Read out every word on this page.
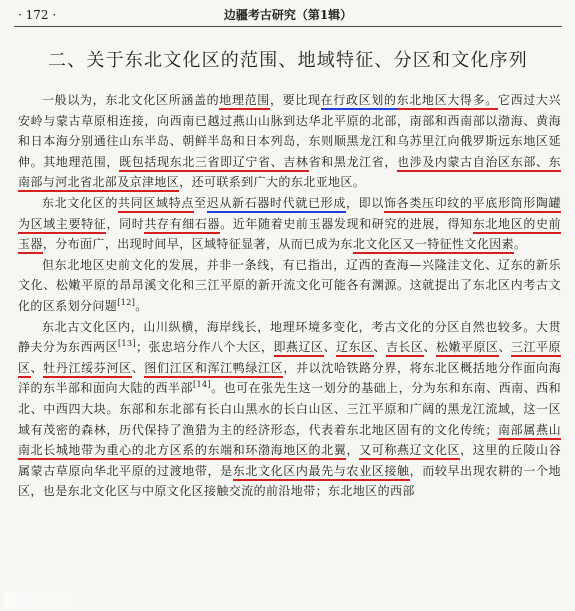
· 172 ·	边疆考古研究（第1辑）
二、关于东北文化区的范围、地域特征、分区和文化序列

一般以为，东北文化区所涵盖的地理范围，要比现在行政区划的东北地区大得多。它西过大兴安岭与蒙古草原相连接，向西南已越过燕山山脉到达华北平原的北部，南部和西南部以渤海、黄海和日本海分别通往山东半岛、朝鲜半岛和日本列岛，东则顺黑龙江和乌苏里江向俄罗斯远东地区延伸。其地理范围，既包括现东北三省即辽宁省、吉林省和黑龙江省，也涉及内蒙古自治区东部、东南部与河北省北部及京津地区，还可联系到广大的东北亚地区。

东北文化区的共同区域特点至迟从新石器时代就已形成，即以饰各类压印纹的平底形筒形陶罐为区域主要特征，同时共存有细石器。近年随着史前玉器发现和研究的进展，得知东北地区的史前玉器，分布面广，出现时间早，区域特征显著，从而已成为东北文化区又一特征性文化因素。

但东北地区史前文化的发展，并非一条线，有已指出，辽西的查海—兴隆洼文化、辽东的新乐文化、松嫩平原的昂昂溪文化和三江平原的新开流文化可能各有渊源。这就提出了东北区内考古文化的区系划分问题[12]。

东北古文化区内，山川纵横，海岸线长，地理环境多变化，考古文化的分区自然也较多。大贯静夫分为东西两区[13]；张忠培分作八个大区，即燕辽区、辽东区、吉长区、松嫩平原区、三江平原区、牡丹江绥芬河区、图们江区和浑江鸭绿江区，并以沈哈铁路分界，将东北区概括地分作面向海洋的东半部和面向大陆的西半部[14]。也可在张先生这一划分的基础上，分为东和东南、西南、西和北、中西四大块。东部和东北部有长白山黑水的长白山区、三江平原和广阔的黑龙江流域，这一区域有茂密的森林，历代保持了渔猎为主的经济形态，代表着东北地区固有的文化传统；南部属燕山南北长城地带为重心的北方区系的东端和环渤海地区的北翼，又可称燕辽文化区，这里的丘陵山谷属蒙古草原向华北平原的过渡地带，是东北文化区内最先与农业区接触，而较早出现农耕的一个地区，也是东北文化区与中原文化区接触交流的前沿地带；东北地区的西部
